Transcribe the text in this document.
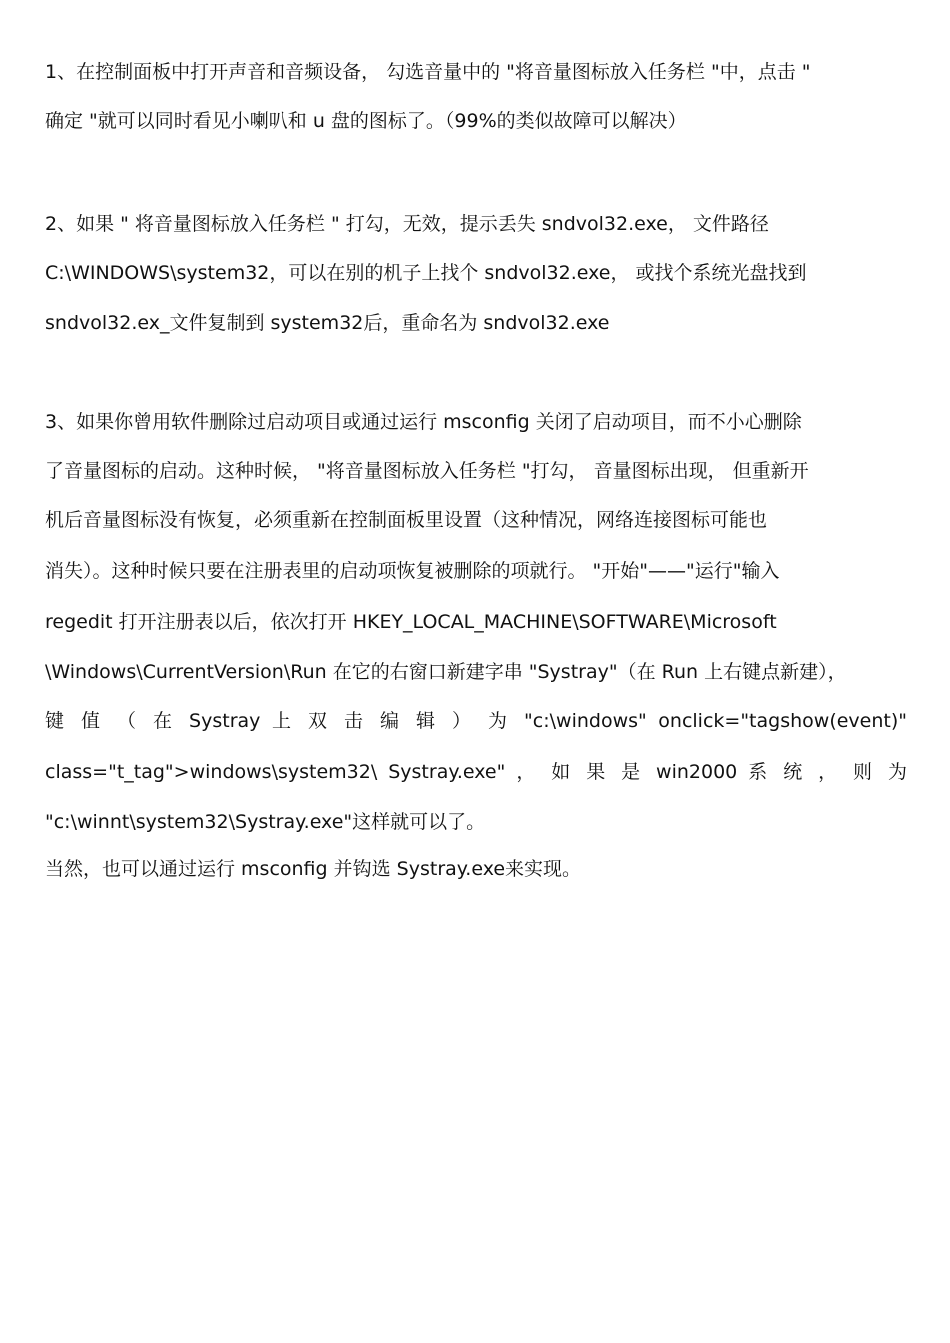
1、在控制面板中打开声音和音频设备， 勾选音量中的 "将音量图标放入任务栏 "中，点击 "
确定 "就可以同时看见小喇叭和 u 盘的图标了。（99%的类似故障可以解决）
2、如果 " 将音量图标放入任务栏 " 打勾，无效，提示丢失 sndvol32.exe， 文件路径
C:\WINDOWS\system32，可以在别的机子上找个 sndvol32.exe， 或找个系统光盘找到
sndvol32.ex_文件复制到 system32后，重命名为 sndvol32.exe
3、如果你曾用软件删除过启动项目或通过运行 msconfig 关闭了启动项目，而不小心删除
了音量图标的启动。这种时候， "将音量图标放入任务栏 "打勾， 音量图标出现， 但重新开
机后音量图标没有恢复，必须重新在控制面板里设置（这种情况，网络连接图标可能也
消失）。这种时候只要在注册表里的启动项恢复被删除的项就行。 "开始"——"运行"输入
regedit 打开注册表以后，依次打开 HKEY_LOCAL_MACHINE\SOFTWARE\Microsoft
\Windows\CurrentVersion\Run 在它的右窗口新建字串 "Systray"（在 Run 上右键点新建），
键 值 （ 在 Systray 上 双 击 编 辑 ） 为 "c:\windows" onclick="tagshow(event)"
class="t_tag">windows\system32\ Systray.exe" ， 如 果 是 win2000 系 统 ， 则 为
"c:\winnt\system32\Systray.exe"这样就可以了。
当然，也可以通过运行 msconfig 并钩选 Systray.exe来实现。
